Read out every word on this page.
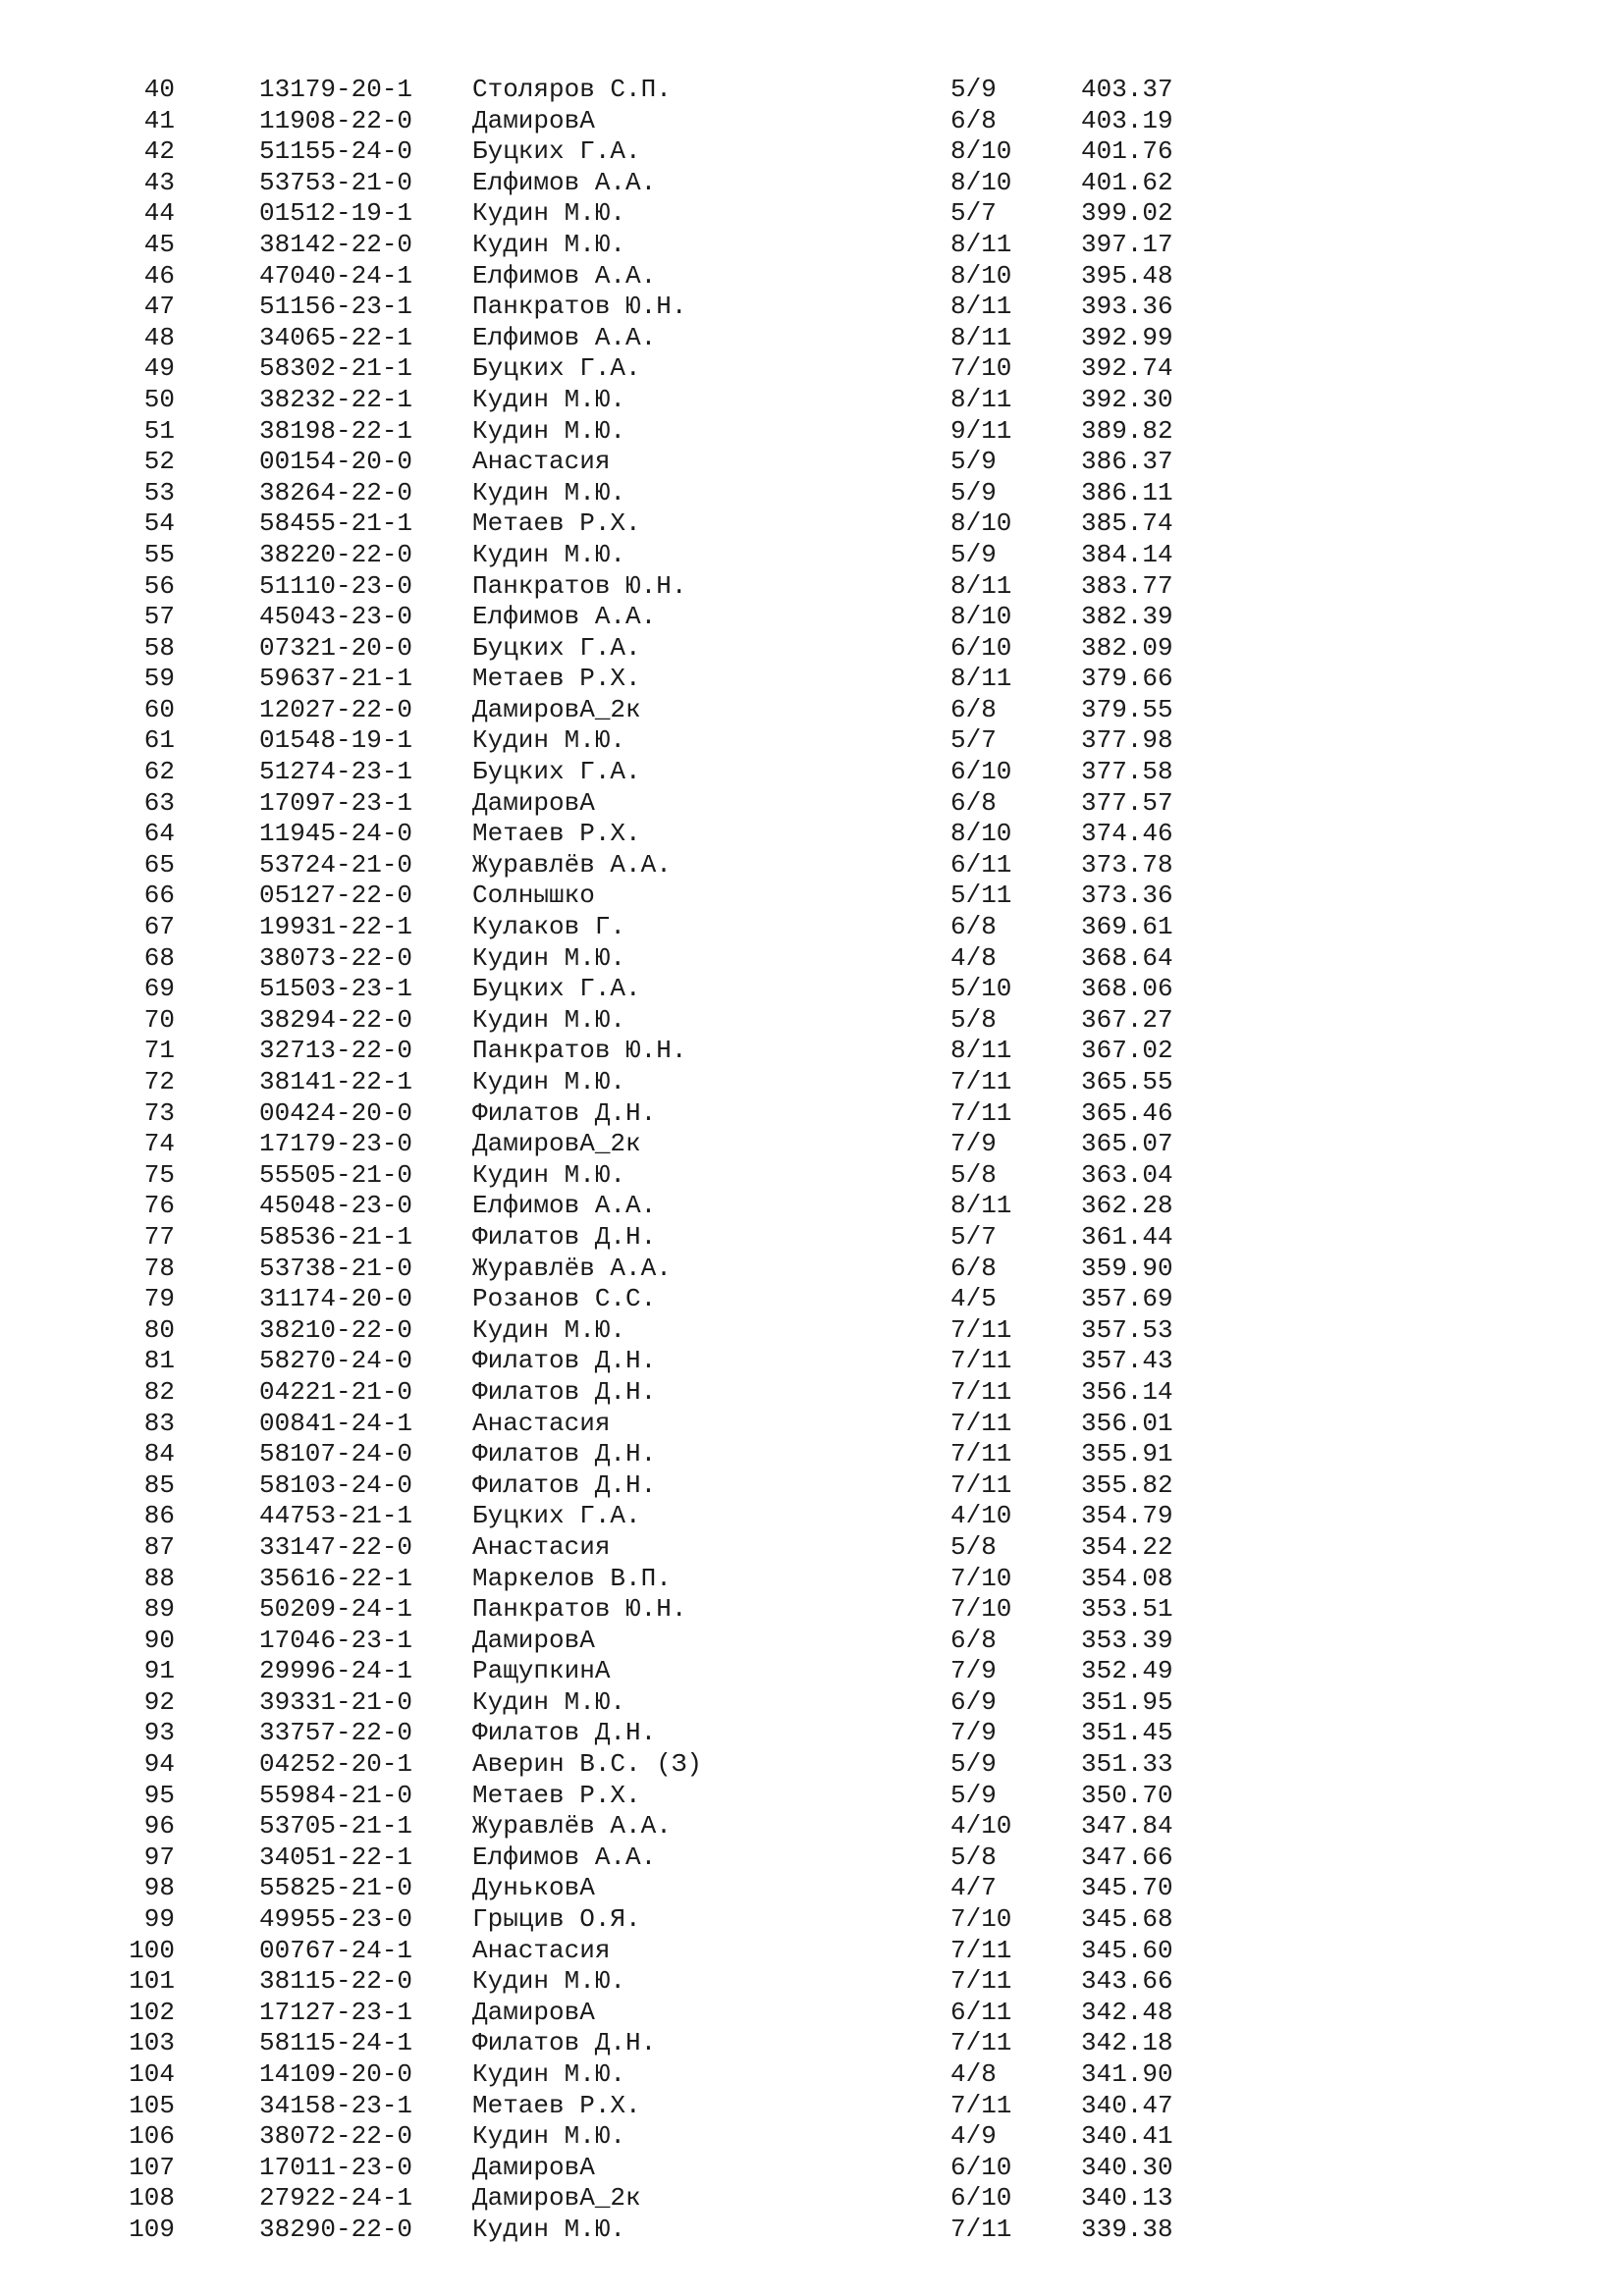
40	13179-20-1 Столяров С.П.	5/9	403.37
41	11908-22-0 ДамировА	6/8	403.19
42	51155-24-0 Буцких Г.А.	8/10	401.76
43	53753-21-0 Елфимов А.А.	8/10	401.62
44	01512-19-1 Кудин М.Ю.	5/7	399.02
45	38142-22-0 Кудин М.Ю.	8/11	397.17
46	47040-24-1 Елфимов А.А.	8/10	395.48
47	51156-23-1 Панкратов Ю.Н.	8/11	393.36
48	34065-22-1 Елфимов А.А.	8/11	392.99
49	58302-21-1 Буцких Г.А.	7/10	392.74
50	38232-22-1 Кудин М.Ю.	8/11	392.30
51	38198-22-1 Кудин М.Ю.	9/11	389.82
52	00154-20-0 Анастасия	5/9	386.37
53	38264-22-0 Кудин М.Ю.	5/9	386.11
54	58455-21-1 Метаев Р.Х.	8/10	385.74
55	38220-22-0 Кудин М.Ю.	5/9	384.14
56	51110-23-0 Панкратов Ю.Н.	8/11	383.77
57	45043-23-0 Елфимов А.А.	8/10	382.39
58	07321-20-0 Буцких Г.А.	6/10	382.09
59	59637-21-1 Метаев Р.Х.	8/11	379.66
60	12027-22-0 ДамировА_2к	6/8	379.55
61	01548-19-1 Кудин М.Ю.	5/7	377.98
62	51274-23-1 Буцких Г.А.	6/10	377.58
63	17097-23-1 ДамировА	6/8	377.57
64	11945-24-0 Метаев Р.Х.	8/10	374.46
65	53724-21-0 Журавлёв А.А.	6/11	373.78
66	05127-22-0 Солнышко	5/11	373.36
67	19931-22-1 Кулаков Г.	6/8	369.61
68	38073-22-0 Кудин М.Ю.	4/8	368.64
69	51503-23-1 Буцких Г.А.	5/10	368.06
70	38294-22-0 Кудин М.Ю.	5/8	367.27
71	32713-22-0 Панкратов Ю.Н.	8/11	367.02
72	38141-22-1 Кудин М.Ю.	7/11	365.55
73	00424-20-0 Филатов Д.Н.	7/11	365.46
74	17179-23-0 ДамировА_2к	7/9	365.07
75	55505-21-0 Кудин М.Ю.	5/8	363.04
76	45048-23-0 Елфимов А.А.	8/11	362.28
77	58536-21-1 Филатов Д.Н.	5/7	361.44
78	53738-21-0 Журавлёв А.А.	6/8	359.90
79	31174-20-0 Розанов С.С.	4/5	357.69
80	38210-22-0 Кудин М.Ю.	7/11	357.53
81	58270-24-0 Филатов Д.Н.	7/11	357.43
82	04221-21-0 Филатов Д.Н.	7/11	356.14
83	00841-24-1 Анастасия	7/11	356.01
84	58107-24-0 Филатов Д.Н.	7/11	355.91
85	58103-24-0 Филатов Д.Н.	7/11	355.82
86	44753-21-1 Буцких Г.А.	4/10	354.79
87	33147-22-0 Анастасия	5/8	354.22
88	35616-22-1 Маркелов В.П.	7/10	354.08
89	50209-24-1 Панкратов Ю.Н.	7/10	353.51
90	17046-23-1 ДамировА	6/8	353.39
91	29996-24-1 РащупкинА	7/9	352.49
92	39331-21-0 Кудин М.Ю.	6/9	351.95
93	33757-22-0 Филатов Д.Н.	7/9	351.45
94	04252-20-1 Аверин В.С. (З)	5/9	351.33
95	55984-21-0 Метаев Р.Х.	5/9	350.70
96	53705-21-1 Журавлёв А.А.	4/10	347.84
97	34051-22-1 Елфимов А.А.	5/8	347.66
98	55825-21-0 ДуньковА	4/7	345.70
99	49955-23-0 Грыцив О.Я.	7/10	345.68
100	00767-24-1 Анастасия	7/11	345.60
101	38115-22-0 Кудин М.Ю.	7/11	343.66
102	17127-23-1 ДамировА	6/11	342.48
103	58115-24-1 Филатов Д.Н.	7/11	342.18
104	14109-20-0 Кудин М.Ю.	4/8	341.90
105	34158-23-1 Метаев Р.Х.	7/11	340.47
106	38072-22-0 Кудин М.Ю.	4/9	340.41
107	17011-23-0 ДамировА	6/10	340.30
108	27922-24-1 ДамировА_2к	6/10	340.13
109	38290-22-0 Кудин М.Ю.	7/11	339.38
